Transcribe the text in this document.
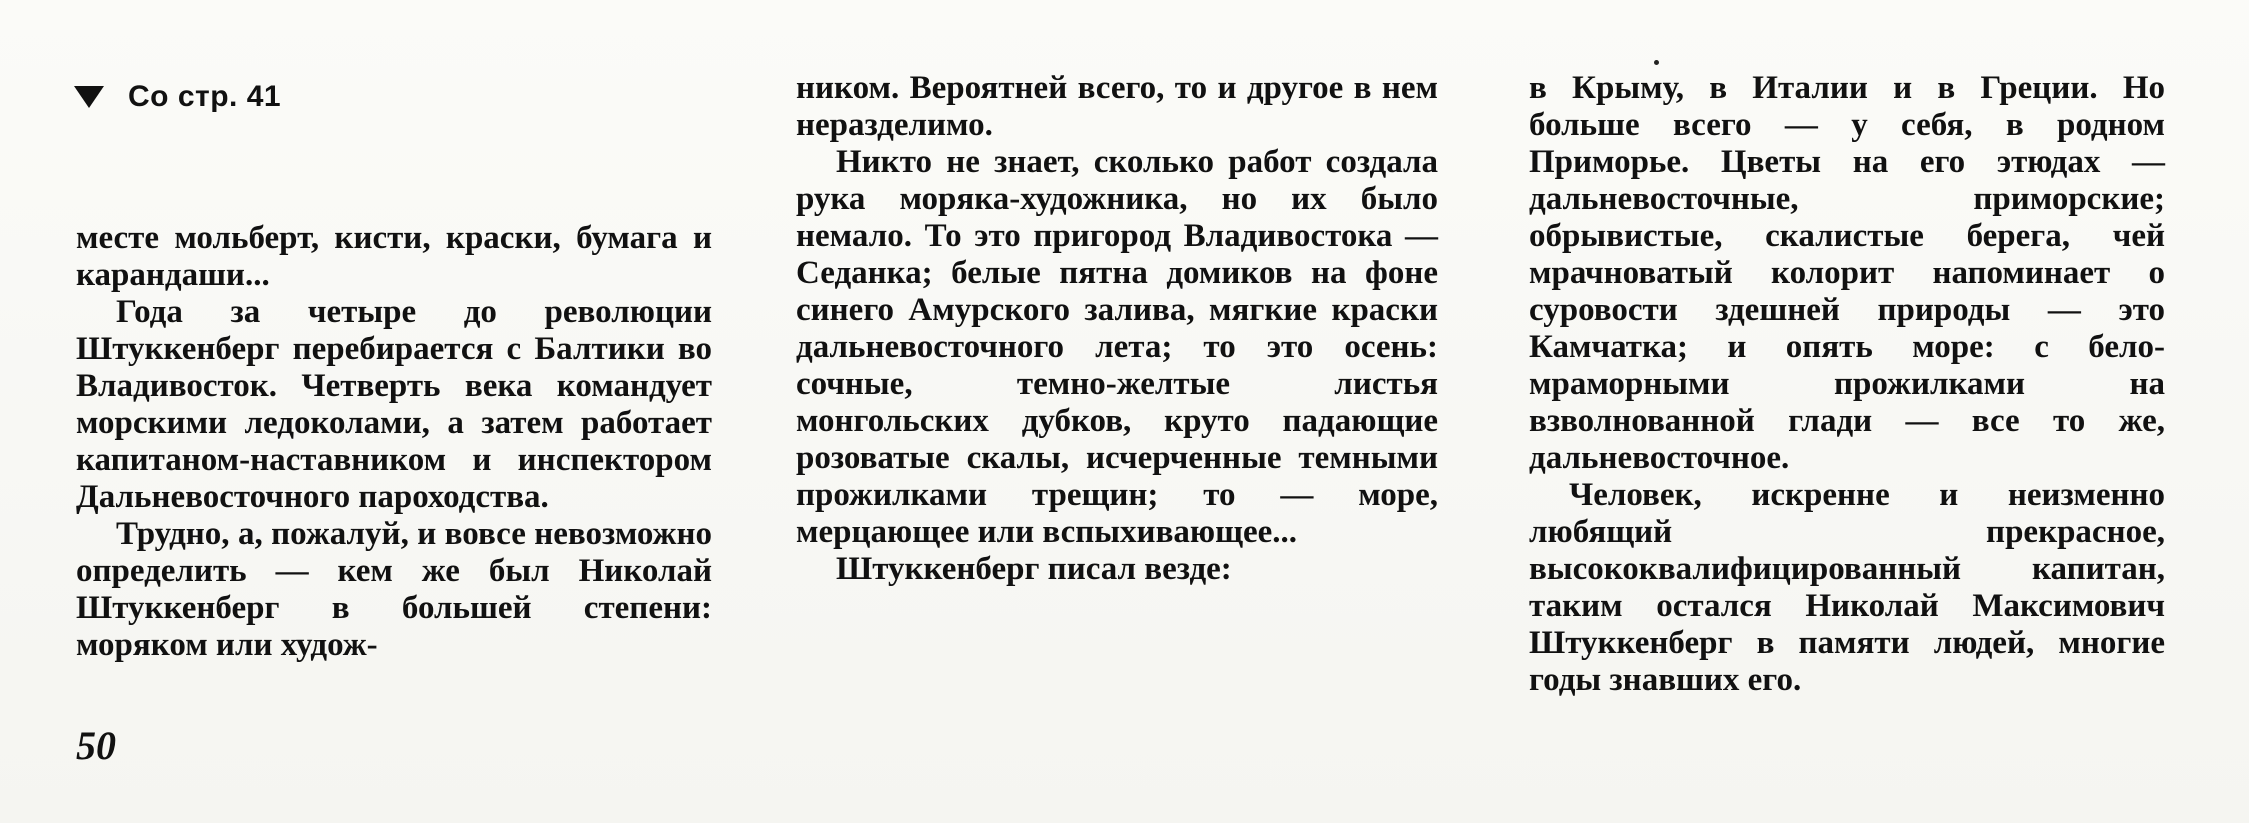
Со стр. 41

месте мольберт, кисти, краски, бумага и карандаши...

Года за четыре до революции Штуккенберг перебирается с Балтики во Владивосток. Четверть века командует морскими ледоколами, а затем работает капитаном-наставником и инспектором Дальневосточного пароходства.

Трудно, а, пожалуй, и вовсе невозможно определить — кем же был Николай Штуккенберг в большей степени: моряком или худож-

ником. Вероятней всего, то и другое в нем неразделимо.

Никто не знает, сколько работ создала рука моряка-художника, но их было немало. То это пригород Владивостока — Седанка; белые пятна домиков на фоне синего Амурского залива, мягкие краски дальневосточного лета; то это осень: сочные, темно-желтые листья монгольских дубков, круто падающие розоватые скалы, исчерченные темными прожилками трещин; то — море, мерцающее или вспыхивающее...

Штуккенберг писал везде:

в Крыму, в Италии и в Греции. Но больше всего — у себя, в родном Приморье. Цветы на его этюдах — дальневосточные, приморские; обрывистые, скалистые берега, чей мрачноватый колорит напоминает о суровости здешней природы — это Камчатка; и опять море: с бело-мраморными прожилками на взволнованной глади — все то же, дальневосточное.

Человек, искренне и неизменно любящий прекрасное, высококвалифицированный капитан, таким остался Николай Максимович Штуккенберг в памяти людей, многие годы знавших его.

50
